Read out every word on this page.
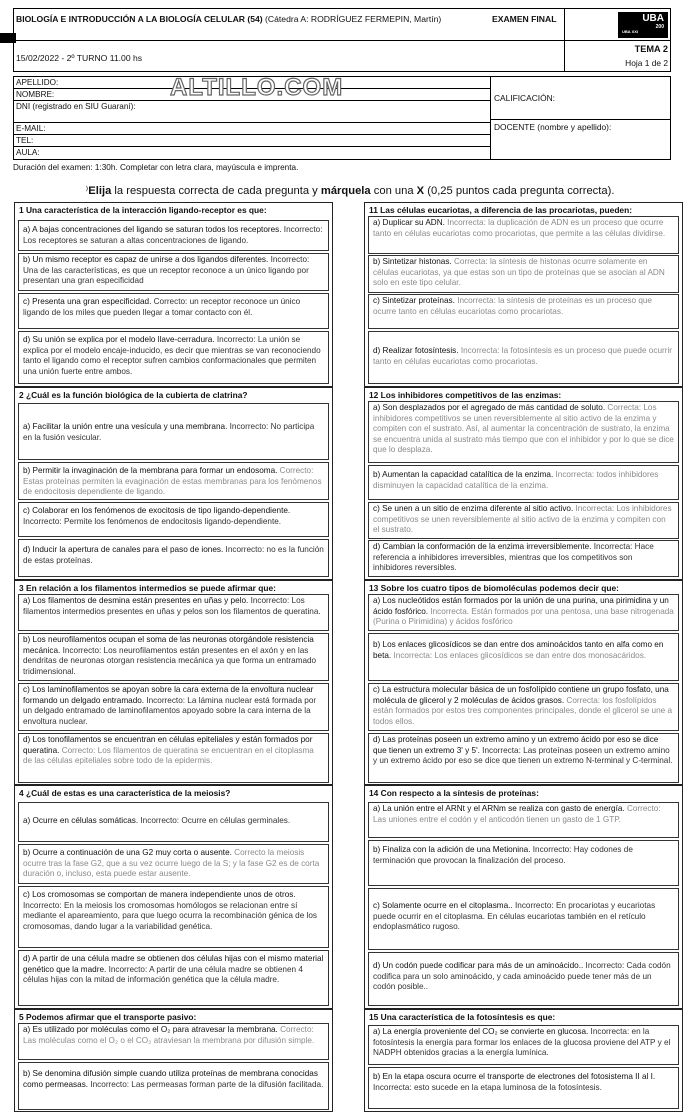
BIOLOGÍA E INTRODUCCIÓN A LA BIOLOGÍA CELULAR (54) (Cátedra A: RODRÍGUEZ FERMEPIN, Martín)	EXAMEN FINAL	UBA
200
UBA XXI
15/02/2022 - 2º TURNO 11.00 hs
TEMA 2
Hoja 1 de 2
APELLIDO:
NOMBRE:
DNI (registrado en SIU Guaraní):
E-MAIL:
TEL:
AULA:
CALIFICACIÓN:
DOCENTE (nombre y apellido):
ALTILLO.COM
Duración del examen: 1:30h. Completar con letra clara, mayúscula e imprenta.
⁾Elija la respuesta correcta de cada pregunta y márquela con una X (0,25 puntos cada pregunta correcta).
1 Una característica de la interacción ligando-receptor es que:
a) A bajas concentraciones del ligando se saturan todos los receptores. Incorrecto: Los receptores se saturan a altas concentraciones de ligando.
b) Un mismo receptor es capaz de unirse a dos ligandos diferentes. Incorrecto: Una de las características, es que un receptor reconoce a un único ligando por presentan una gran especificidad
c) Presenta una gran especificidad. Correcto: un receptor reconoce un único ligando de los miles que pueden llegar a tomar contacto con él.
d) Su unión se explica por el modelo llave-cerradura. Incorrecto: La unión se explica por el modelo encaje-inducido, es decir que mientras se van reconociendo tanto el ligando como el receptor sufren cambios conformacionales que permiten una unión fuerte entre ambos.
2 ¿Cuál es la función biológica de la cubierta de clatrina?
a) Facilitar la unión entre una vesícula y una membrana. Incorrecto: No participa en la fusión vesicular.
b) Permitir la invaginación de la membrana para formar un endosoma. Correcto: Estas proteínas permiten la evaginación de estas membranas para los fenómenos de endocitosis dependiente de ligando.
c) Colaborar en los fenómenos de exocitosis de tipo ligando-dependiente. Incorrecto: Permite los fenómenos de endocitosis ligando-dependiente.
d) Inducir la apertura de canales para el paso de iones. Incorrecto: no es la función de estas proteínas.
3 En relación a los filamentos intermedios se puede afirmar que:
a) Los filamentos de desmina están presentes en uñas y pelo. Incorrecto: Los filamentos intermedios presentes en uñas y pelos son los filamentos de queratina.
b) Los neurofilamentos ocupan el soma de las neuronas otorgándole resistencia mecánica. Incorrecto: Los neurofilamentos están presentes en el axón y en las dendritas de neuronas otorgan resistencia mecánica ya que forma un entramado tridimensional.
c) Los laminofilamentos se apoyan sobre la cara externa de la envoltura nuclear formando un delgado entramado. Incorrecto: La lámina nuclear está formada por un delgado entramado de laminofilamentos apoyado sobre la cara interna de la envoltura nuclear.
d) Los tonofilamentos se encuentran en células epiteliales y están formados por queratina. Correcto: Los filamentos de queratina se encuentran en el citoplasma de las células epiteliales sobre todo de la epidermis.
4 ¿Cuál de estas es una característica de la meiosis?
a) Ocurre en células somáticas. Incorrecto: Ocurre en células germinales.
b) Ocurre a continuación de una G2 muy corta o ausente. Correcto la meiosis ocurre tras la fase G2, que a su vez ocurre luego de la S; y la fase G2 es de corta duración o, incluso, esta puede estar ausente.
c) Los cromosomas se comportan de manera independiente unos de otros. Incorrecto: En la meiosis los cromosomas homólogos se relacionan entre sí mediante el apareamiento, para que luego ocurra la recombinación génica de los cromosomas, dando lugar a la variabilidad genética.
d) A partir de una célula madre se obtienen dos células hijas con el mismo material genético que la madre. Incorrecto: A partir de una célula madre se obtienen 4 células hijas con la mitad de información genética que la célula madre.
5 Podemos afirmar que el transporte pasivo:
a) Es utilizado por moléculas como el O₂ para atravesar la membrana. Correcto: Las moléculas como el O₂ o el CO₂ atraviesan la membrana por difusión simple.
b) Se denomina difusión simple cuando utiliza proteínas de membrana conocidas como permeasas. Incorrecto: Las permeasas forman parte de la difusión facilitada.
11 Las células eucariotas, a diferencia de las procariotas, pueden:
a) Duplicar su ADN. Incorrecta: la duplicación de ADN es un proceso que ocurre tanto en células eucariotas como procariotas, que permite a las células dividirse.
b) Sintetizar histonas. Correcta: la síntesis de histonas ocurre solamente en células eucariotas, ya que estas son un tipo de proteínas que se asocian al ADN solo en este tipo celular.
c) Sintetizar proteínas. Incorrecta: la síntesis de proteínas es un proceso que ocurre tanto en células eucariotas como procariotas.
d) Realizar fotosíntesis. Incorrecta: la fotosíntesis es un proceso que puede ocurrir tanto en células eucariotas como procariotas.
12 Los inhibidores competitivos de las enzimas:
a) Son desplazados por el agregado de más cantidad de soluto. Correcta: Los inhibidores competitivos se unen reversiblemente al sitio activo de la enzima y compiten con el sustrato. Así, al aumentar la concentración de sustrato, la enzima se encuentra unida al sustrato más tiempo que con el inhibidor y por lo que se dice que lo desplaza.
b) Aumentan la capacidad catalítica de la enzima. Incorrecta: todos inhibidores disminuyen la capacidad catalítica de la enzima.
c) Se unen a un sitio de enzima diferente al sitio activo. Incorrecta: Los inhibidores competitivos se unen reversiblemente al sitio activo de la enzima y compiten con el sustrato.
d) Cambian la conformación de la enzima irreversiblemente. Incorrecta: Hace referencia a inhibidores irreversibles, mientras que los competitivos son inhibidores reversibles.
13 Sobre los cuatro tipos de biomoléculas podemos decir que:
a) Los nucleótidos están formados por la unión de una purina, una pirimidina y un ácido fosfórico. Incorrecta. Están formados por una pentosa, una base nitrogenada (Purina o Pirimidina) y ácidos fosfórico
b) Los enlaces glicosídicos se dan entre dos aminoácidos tanto en alfa como en beta. Incorrecta: Los enlaces glicosídicos se dan entre dos monosacáridos.
c) La estructura molecular básica de un fosfolípido contiene un grupo fosfato, una molécula de glicerol y 2 moléculas de ácidos grasos. Correcta: los fosfolípidos están formados por estos tres componentes principales, donde el glicerol se une a todos ellos.
d) Las proteínas poseen un extremo amino y un extremo ácido por eso se dice que tienen un extremo 3' y 5'. Incorrecta: Las proteínas poseen un extremo amino y un extremo ácido por eso se dice que tienen un extremo N-terminal y C-terminal.
14 Con respecto a la síntesis de proteínas:
a) La unión entre el ARNt y el ARNm se realiza con gasto de energía. Correcto: Las uniones entre el codón y el anticodón tienen un gasto de 1 GTP.
b) Finaliza con la adición de una Metionina. Incorrecto: Hay codones de terminación que provocan la finalización del proceso.
c) Solamente ocurre en el citoplasma.. Incorrecto: En procariotas y eucariotas puede ocurrir en el citoplasma. En células eucariotas también en el retículo endoplasmático rugoso.
d) Un codón puede codificar para más de un aminoácido.. Incorrecto: Cada codón codifica para un solo aminoácido, y cada aminoácido puede tener más de un codón posible..
15 Una característica de la fotosíntesis es que:
a) La energía proveniente del CO₂ se convierte en glucosa. Incorrecta: en la fotosíntesis la energía para formar los enlaces de la glucosa proviene del ATP y el NADPH obtenidos gracias a la energía lumínica.
b) En la etapa oscura ocurre el transporte de electrones del fotosistema II al I. Incorrecta: esto sucede en la etapa luminosa de la fotosíntesis.
